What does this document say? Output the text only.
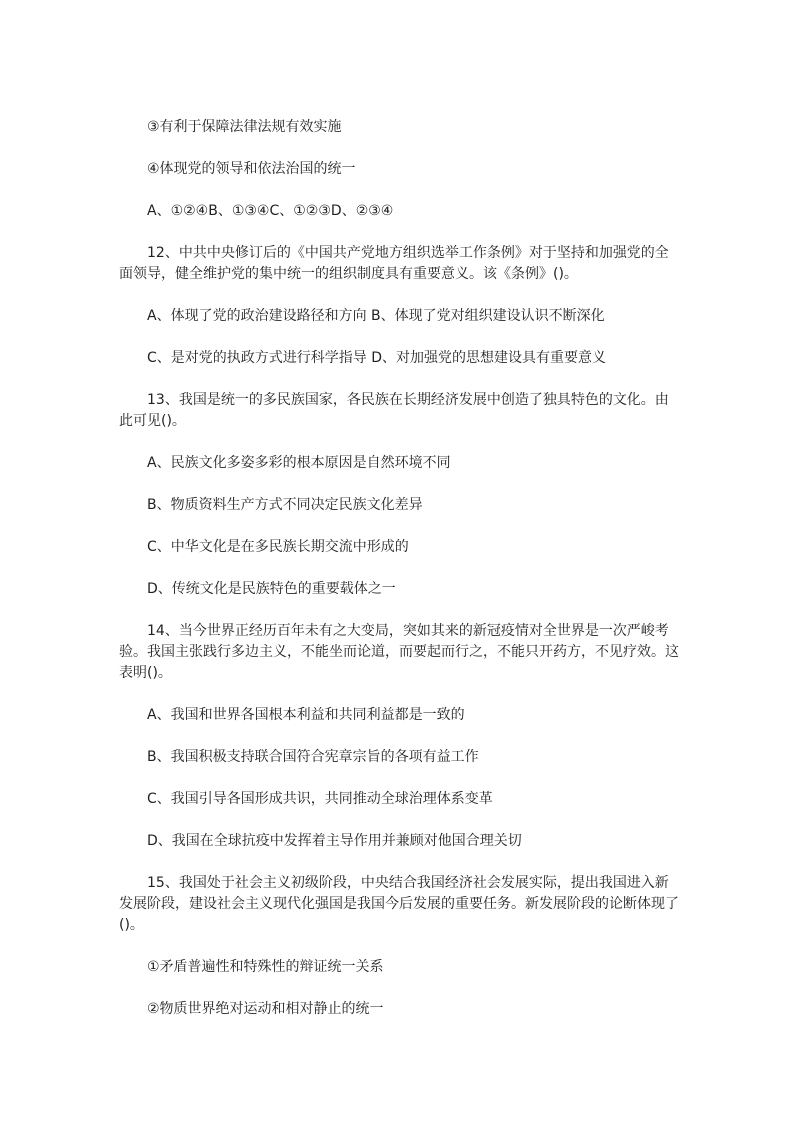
③有利于保障法律法规有效实施

④体现党的领导和依法治国的统一

A、①②④B、①③④C、①②③D、②③④

12、中共中央修订后的《中国共产党地方组织选举工作条例》对于坚持和加强党的全面领导，健全维护党的集中统一的组织制度具有重要意义。该《条例》()。

A、体现了党的政治建设路径和方向 B、体现了党对组织建设认识不断深化

C、是对党的执政方式进行科学指导 D、对加强党的思想建设具有重要意义

13、我国是统一的多民族国家，各民族在长期经济发展中创造了独具特色的文化。由此可见()。

A、民族文化多姿多彩的根本原因是自然环境不同

B、物质资料生产方式不同决定民族文化差异

C、中华文化是在多民族长期交流中形成的

D、传统文化是民族特色的重要载体之一

14、当今世界正经历百年未有之大变局，突如其来的新冠疫情对全世界是一次严峻考验。我国主张践行多边主义，不能坐而论道，而要起而行之，不能只开药方，不见疗效。这表明()。

A、我国和世界各国根本利益和共同利益都是一致的

B、我国积极支持联合国符合宪章宗旨的各项有益工作

C、我国引导各国形成共识，共同推动全球治理体系变革

D、我国在全球抗疫中发挥着主导作用并兼顾对他国合理关切

15、我国处于社会主义初级阶段，中央结合我国经济社会发展实际，提出我国进入新发展阶段，建设社会主义现代化强国是我国今后发展的重要任务。新发展阶段的论断体现了()。

①矛盾普遍性和特殊性的辩证统一关系

②物质世界绝对运动和相对静止的统一
